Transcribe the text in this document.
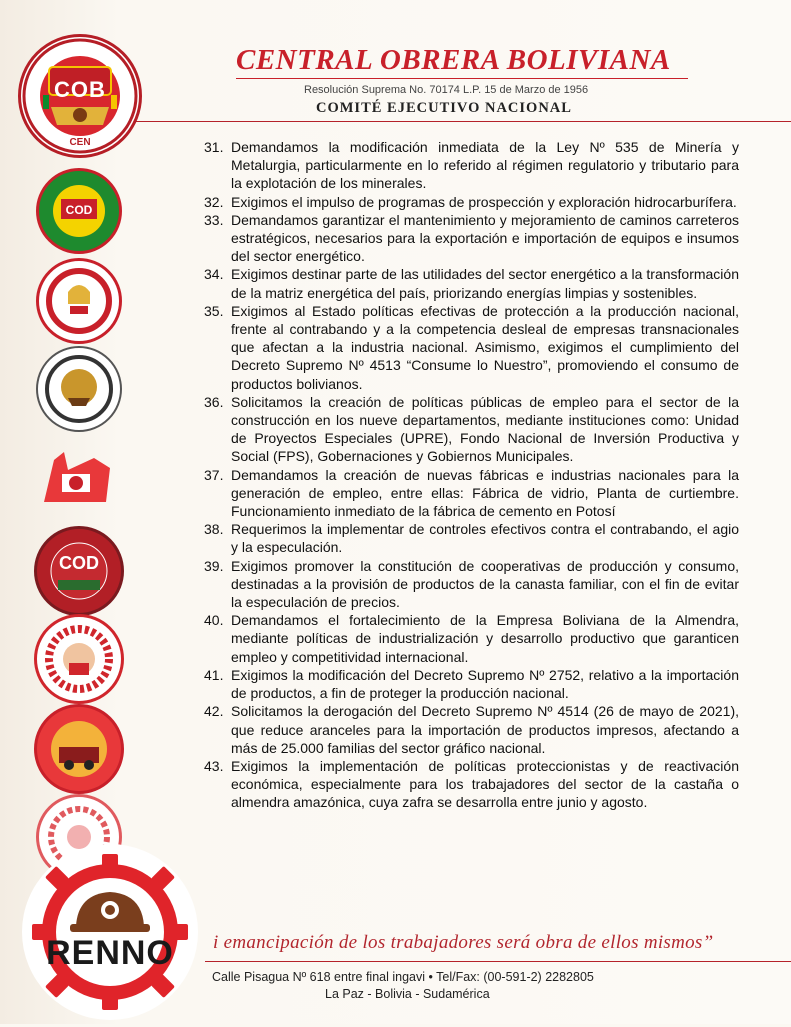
CENTRAL OBRERA BOLIVIANA
Resolución Suprema No. 70174 L.P. 15 de Marzo de 1956
COMITÉ EJECUTIVO NACIONAL
COB
CEN
COD
COD
31. Demandamos la modificación inmediata de la Ley Nº 535 de Minería y Metalurgia, particularmente en lo referido al régimen regulatorio y tributario para la explotación de los minerales.
32. Exigimos el impulso de programas de prospección y exploración hidrocarburífera.
33. Demandamos garantizar el mantenimiento y mejoramiento de caminos carreteros estratégicos, necesarios para la exportación e importación de equipos e insumos del sector energético.
34. Exigimos destinar parte de las utilidades del sector energético a la transformación de la matriz energética del país, priorizando energías limpias y sostenibles.
35. Exigimos al Estado políticas efectivas de protección a la producción nacional, frente al contrabando y a la competencia desleal de empresas transnacionales que afectan a la industria nacional. Asimismo, exigimos el cumplimiento del Decreto Supremo Nº 4513 “Consume lo Nuestro”, promoviendo el consumo de productos bolivianos.
36. Solicitamos la creación de políticas públicas de empleo para el sector de la construcción en los nueve departamentos, mediante instituciones como: Unidad de Proyectos Especiales (UPRE), Fondo Nacional de Inversión Productiva y Social (FPS), Gobernaciones y Gobiernos Municipales.
37. Demandamos la creación de nuevas fábricas e industrias nacionales para la generación de empleo, entre ellas: Fábrica de vidrio, Planta de curtiembre. Funcionamiento inmediato de la fábrica de cemento en Potosí
38. Requerimos la implementar de controles efectivos contra el contrabando, el agio y la especulación.
39. Exigimos promover la constitución de cooperativas de producción y consumo, destinadas a la provisión de productos de la canasta familiar, con el fin de evitar la especulación de precios.
40. Demandamos el fortalecimiento de la Empresa Boliviana de la Almendra, mediante políticas de industrialización y desarrollo productivo que garanticen empleo y competitividad internacional.
41. Exigimos la modificación del Decreto Supremo Nº 2752, relativo a la importación de productos, a fin de proteger la producción nacional.
42. Solicitamos la derogación del Decreto Supremo Nº 4514 (26 de mayo de 2021), que reduce aranceles para la importación de productos impresos, afectando a más de 25.000 familias del sector gráfico nacional.
43. Exigimos la implementación de políticas proteccionistas y de reactivación económica, especialmente para los trabajadores del sector de la castaña o almendra amazónica, cuya zafra se desarrolla entre junio y agosto.
i emancipación de los trabajadores será obra de ellos mismos”
Calle Pisagua Nº 618 entre final ingavi • Tel/Fax: (00-591-2) 2282805
La Paz - Bolivia - Sudamérica
RENNO
